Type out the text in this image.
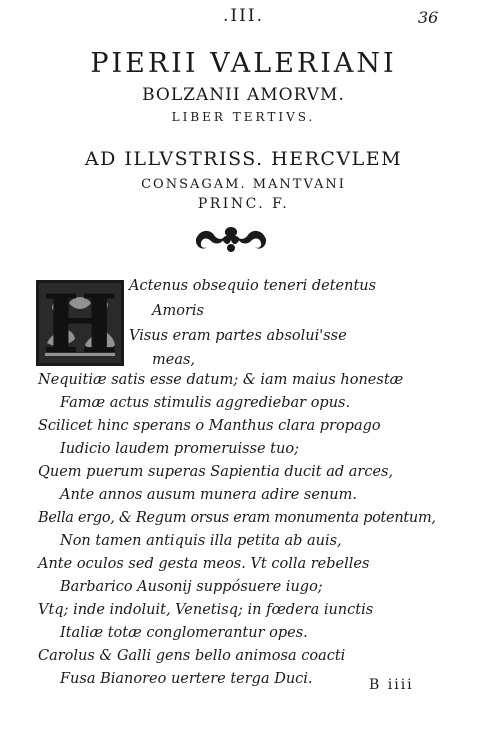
.III.	36
PIERII VALERIANI
BOLZANII AMORVM.
LIBER TERTIVS.
AD ILLVSTRISS. HERCVLEM
CONSAGAM. MANTVANI
PRINC. F.
H Actenus obsequio teneri detentus
Amoris
Visus eram partes absolui'sse
meas,
Nequitiæ satis esse datum; & iam maius honestæ
Famæ actus stimulis aggrediebar opus.
Scilicet hinc sperans o Manthus clara propago
Iudicio laudem promeruisse tuo;
Quem puerum superas Sapientia ducit ad arces,
Ante annos ausum munera adire senum.
Bella ergo, & Regum orsus eram monumenta potentum,
Non tamen antiquis illa petita ab auis,
Ante oculos sed gesta meos. Vt colla rebelles
Barbarico Ausonij suppósuere iugo;
Vtq; inde indoluit, Venetisq; in fœdera iunctis
Italiæ totæ conglomerantur opes.
Carolus & Galli gens bello animosa coacti
Fusa Bianoreo uertere terga Duci.	B iiii
